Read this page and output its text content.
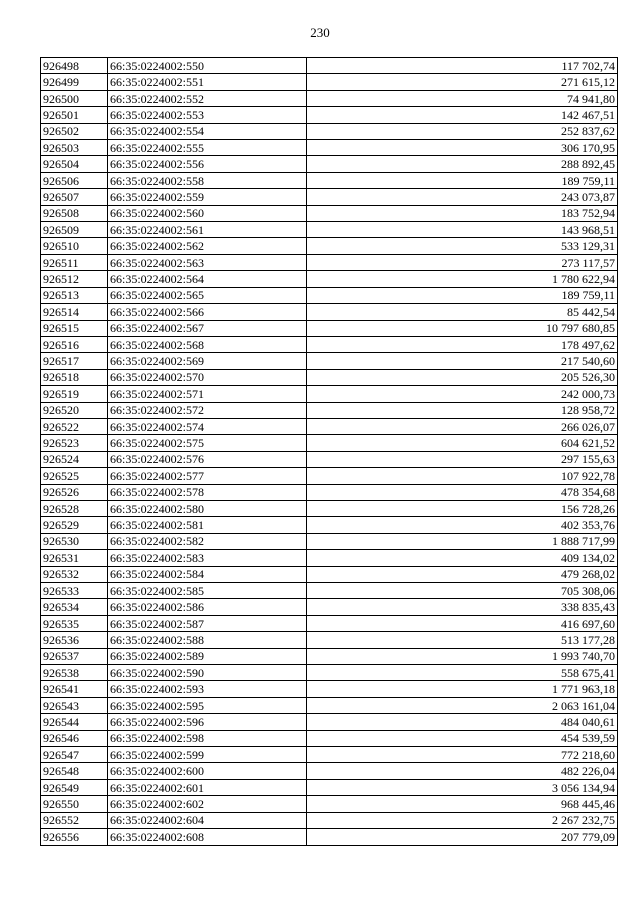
230
926498	66:35:0224002:550	117 702,74
926499	66:35:0224002:551	271 615,12
926500	66:35:0224002:552	74 941,80
926501	66:35:0224002:553	142 467,51
926502	66:35:0224002:554	252 837,62
926503	66:35:0224002:555	306 170,95
926504	66:35:0224002:556	288 892,45
926506	66:35:0224002:558	189 759,11
926507	66:35:0224002:559	243 073,87
926508	66:35:0224002:560	183 752,94
926509	66:35:0224002:561	143 968,51
926510	66:35:0224002:562	533 129,31
926511	66:35:0224002:563	273 117,57
926512	66:35:0224002:564	1 780 622,94
926513	66:35:0224002:565	189 759,11
926514	66:35:0224002:566	85 442,54
926515	66:35:0224002:567	10 797 680,85
926516	66:35:0224002:568	178 497,62
926517	66:35:0224002:569	217 540,60
926518	66:35:0224002:570	205 526,30
926519	66:35:0224002:571	242 000,73
926520	66:35:0224002:572	128 958,72
926522	66:35:0224002:574	266 026,07
926523	66:35:0224002:575	604 621,52
926524	66:35:0224002:576	297 155,63
926525	66:35:0224002:577	107 922,78
926526	66:35:0224002:578	478 354,68
926528	66:35:0224002:580	156 728,26
926529	66:35:0224002:581	402 353,76
926530	66:35:0224002:582	1 888 717,99
926531	66:35:0224002:583	409 134,02
926532	66:35:0224002:584	479 268,02
926533	66:35:0224002:585	705 308,06
926534	66:35:0224002:586	338 835,43
926535	66:35:0224002:587	416 697,60
926536	66:35:0224002:588	513 177,28
926537	66:35:0224002:589	1 993 740,70
926538	66:35:0224002:590	558 675,41
926541	66:35:0224002:593	1 771 963,18
926543	66:35:0224002:595	2 063 161,04
926544	66:35:0224002:596	484 040,61
926546	66:35:0224002:598	454 539,59
926547	66:35:0224002:599	772 218,60
926548	66:35:0224002:600	482 226,04
926549	66:35:0224002:601	3 056 134,94
926550	66:35:0224002:602	968 445,46
926552	66:35:0224002:604	2 267 232,75
926556	66:35:0224002:608	207 779,09
